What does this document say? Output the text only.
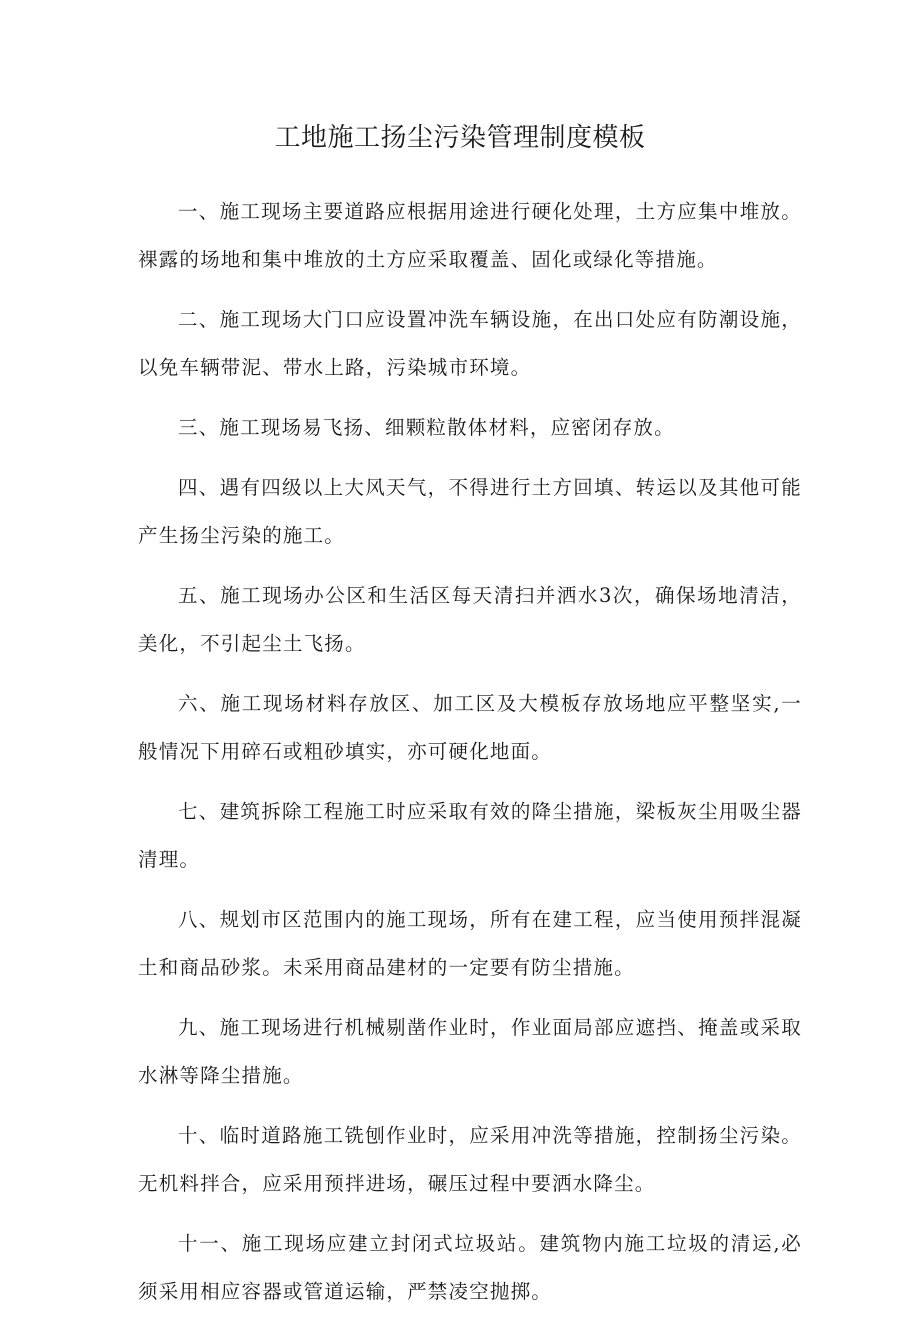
工地施工扬尘污染管理制度模板

一、施工现场主要道路应根据用途进行硬化处理，土方应集中堆放。裸露的场地和集中堆放的土方应采取覆盖、固化或绿化等措施。

二、施工现场大门口应设置冲洗车辆设施，在出口处应有防潮设施，以免车辆带泥、带水上路，污染城市环境。

三、施工现场易飞扬、细颗粒散体材料，应密闭存放。

四、遇有四级以上大风天气，不得进行土方回填、转运以及其他可能产生扬尘污染的施工。

五、施工现场办公区和生活区每天清扫并洒水3次，确保场地清洁，美化，不引起尘土飞扬。

六、施工现场材料存放区、加工区及大模板存放场地应平整坚实,一般情况下用碎石或粗砂填实，亦可硬化地面。

七、建筑拆除工程施工时应采取有效的降尘措施，梁板灰尘用吸尘器清理。

八、规划市区范围内的施工现场，所有在建工程，应当使用预拌混凝土和商品砂浆。未采用商品建材的一定要有防尘措施。

九、施工现场进行机械剔凿作业时，作业面局部应遮挡、掩盖或采取水淋等降尘措施。

十、临时道路施工铣刨作业时，应采用冲洗等措施，控制扬尘污染。无机料拌合，应采用预拌进场，碾压过程中要洒水降尘。

十一、施工现场应建立封闭式垃圾站。建筑物内施工垃圾的清运,必须采用相应容器或管道运输，严禁凌空抛掷。
